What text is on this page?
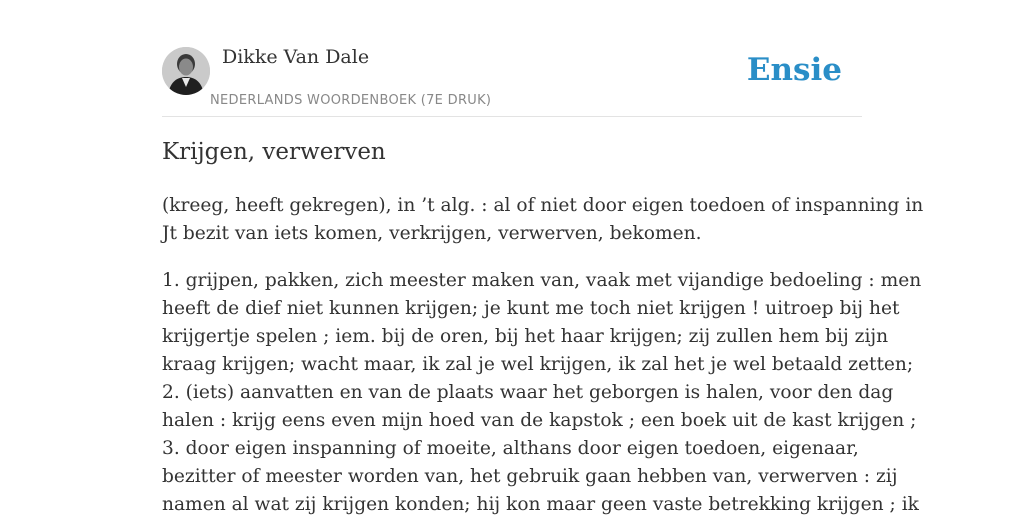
Dikke Van Dale
NEDERLANDS WOORDENBOEK (7E DRUK)
Ensie
Krijgen, verwerven
(kreeg, heeft gekregen), in ’t alg. : al of niet door eigen toedoen of inspanning in
Jt bezit van iets komen, verkrijgen, verwerven, bekomen.
1. grijpen, pakken, zich meester maken van, vaak met vijandige bedoeling : men
heeft de dief niet kunnen krijgen; je kunt me toch niet krijgen ! uitroep bij het
krijgertje spelen ; iem. bij de oren, bij het haar krijgen; zij zullen hem bij zijn
kraag krijgen; wacht maar, ik zal je wel krijgen, ik zal het je wel betaald zetten;
2. (iets) aanvatten en van de plaats waar het geborgen is halen, voor den dag
halen : krijg eens even mijn hoed van de kapstok ; een boek uit de kast krijgen ;
3. door eigen inspanning of moeite, althans door eigen toedoen, eigenaar,
bezitter of meester worden van, het gebruik gaan hebben van, verwerven : zij
namen al wat zij krijgen konden; hij kon maar geen vaste betrekking krijgen ; ik
